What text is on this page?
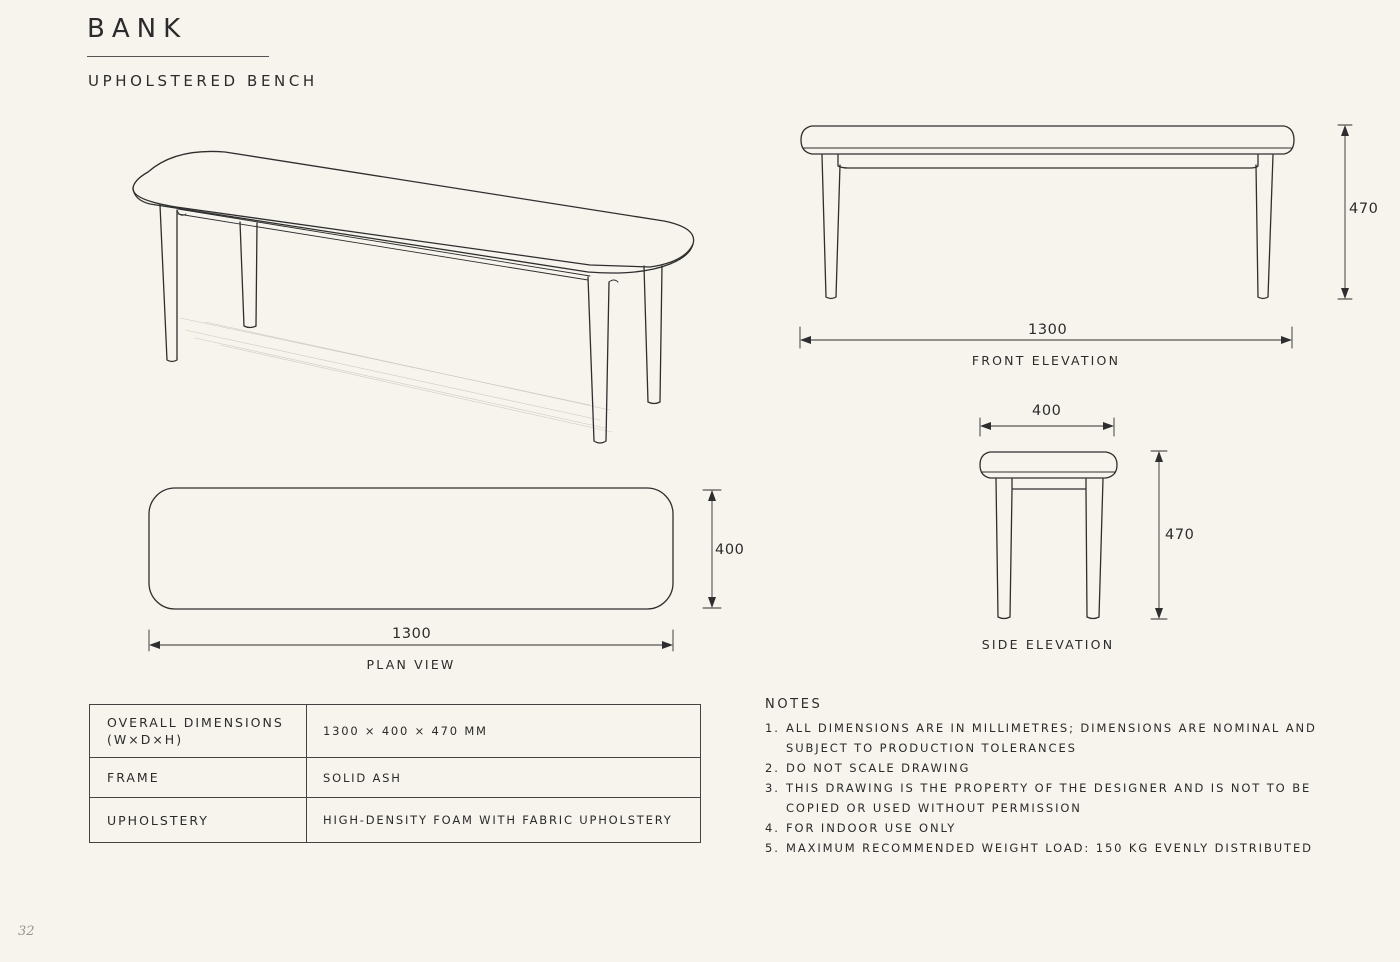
BANK
UPHOLSTERED BENCH
470
1300
FRONT ELEVATION
400
470
SIDE ELEVATION
400
1300
PLAN VIEW
OVERALL DIMENSIONS
(W×D×H)	1300 × 400 × 470 MM
FRAME	SOLID ASH
UPHOLSTERY	HIGH-DENSITY FOAM WITH FABRIC UPHOLSTERY
NOTES
1. ALL DIMENSIONS ARE IN MILLIMETRES; DIMENSIONS ARE NOMINAL AND SUBJECT TO PRODUCTION TOLERANCES
2. DO NOT SCALE DRAWING
3. THIS DRAWING IS THE PROPERTY OF THE DESIGNER AND IS NOT TO BE COPIED OR USED WITHOUT PERMISSION
4. FOR INDOOR USE ONLY
5. MAXIMUM RECOMMENDED WEIGHT LOAD: 150 KG EVENLY DISTRIBUTED
32
